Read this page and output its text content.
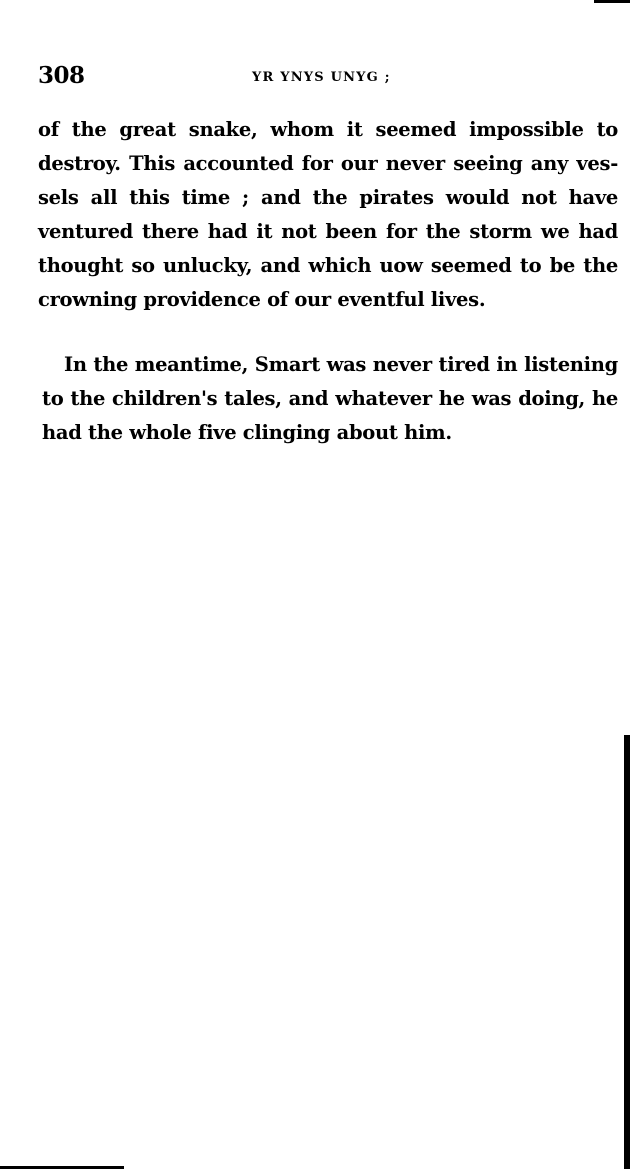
308	YR YNYS UNYG ;
of the great snake, whom it seemed impossible to
destroy. This accounted for our never seeing any ves-
sels all this time ; and the pirates would not have
ventured there had it not been for the storm we had
thought so unlucky, and which uow seemed to be the
crowning providence of our eventful lives.
In the meantime, Smart was never tired in listening
to the children's tales, and whatever he was doing, he
had the whole five clinging about him.
